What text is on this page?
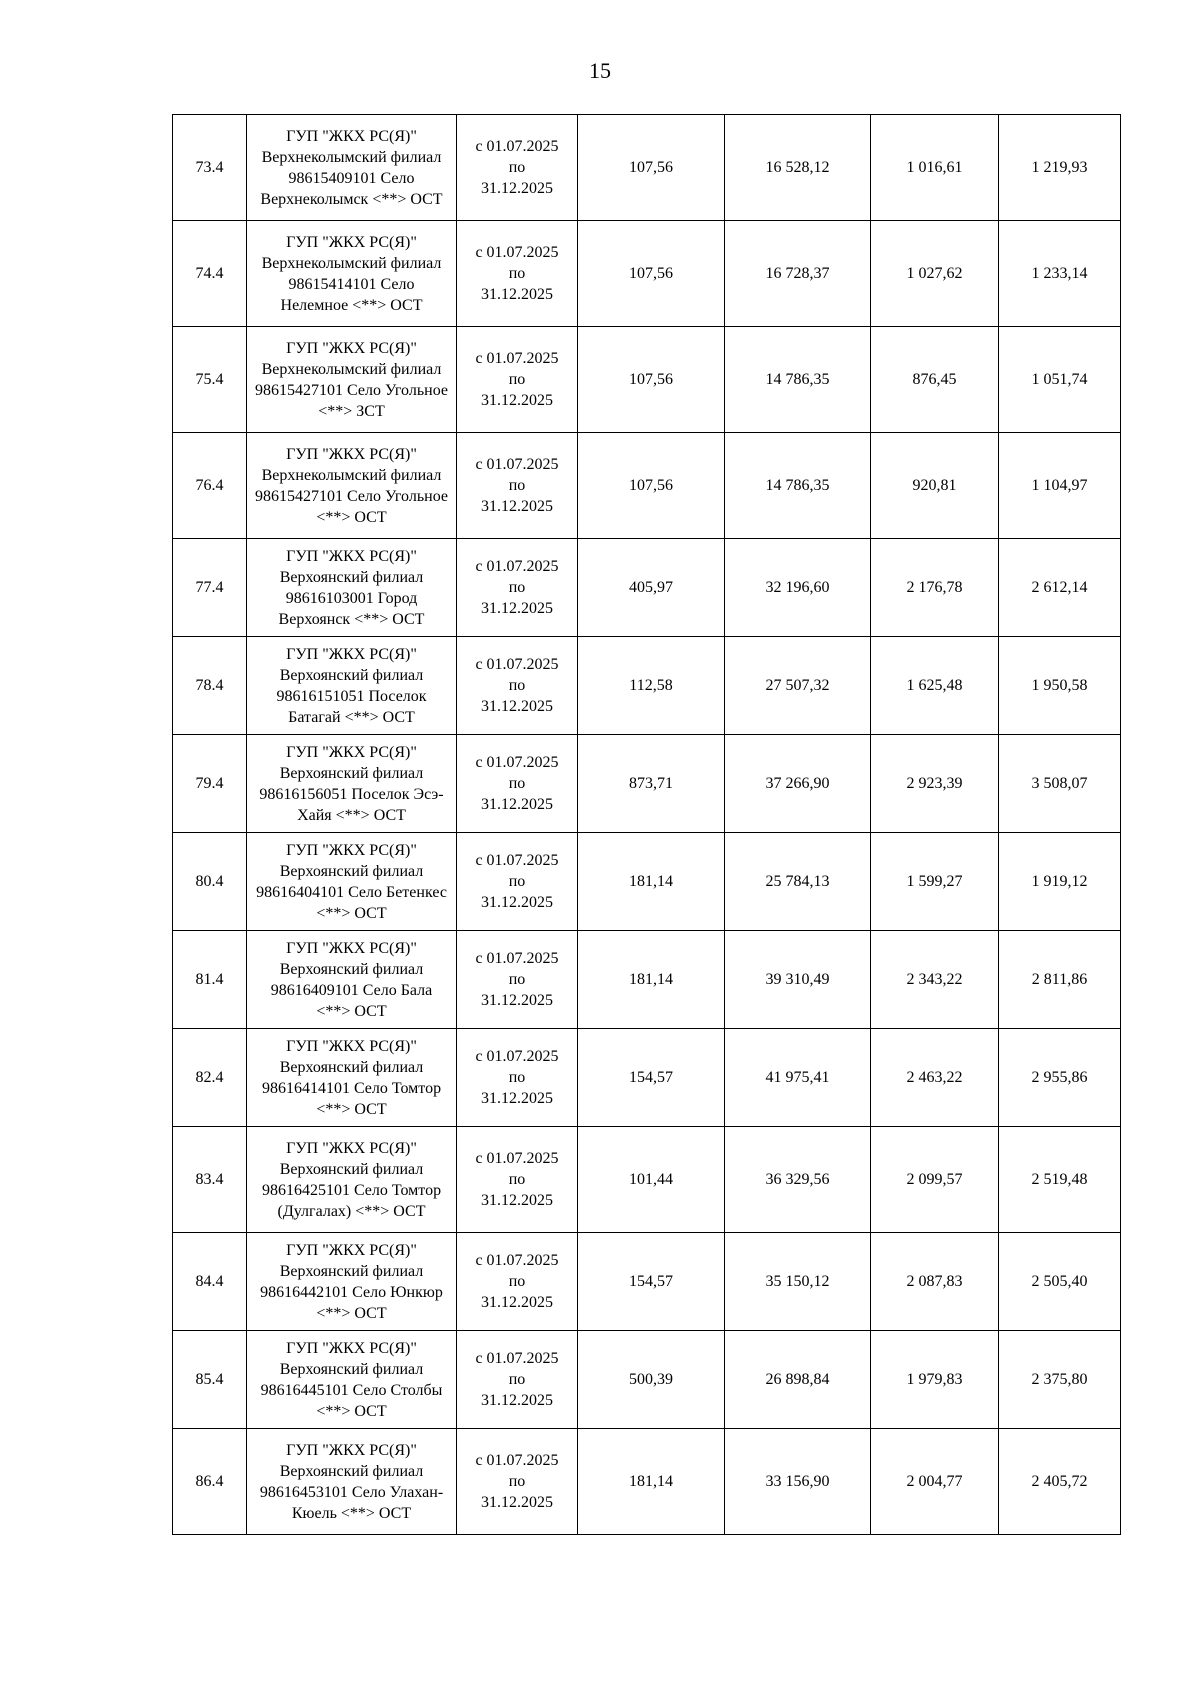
15
73.4	ГУП "ЖКХ РС(Я)" Верхнеколымский филиал 98615409101 Село Верхнеколымск <**> ОСТ	с 01.07.2025
по
31.12.2025	107,56	16 528,12	1 016,61	1 219,93
74.4	ГУП "ЖКХ РС(Я)" Верхнеколымский филиал 98615414101 Село Нелемное <**> ОСТ	с 01.07.2025
по
31.12.2025	107,56	16 728,37	1 027,62	1 233,14
75.4	ГУП "ЖКХ РС(Я)" Верхнеколымский филиал 98615427101 Село Угольное <**> ЗСТ	с 01.07.2025
по
31.12.2025	107,56	14 786,35	876,45	1 051,74
76.4	ГУП "ЖКХ РС(Я)" Верхнеколымский филиал 98615427101 Село Угольное <**> ОСТ	с 01.07.2025
по
31.12.2025	107,56	14 786,35	920,81	1 104,97
77.4	ГУП "ЖКХ РС(Я)" Верхоянский филиал 98616103001 Город Верхоянск <**> ОСТ	с 01.07.2025
по
31.12.2025	405,97	32 196,60	2 176,78	2 612,14
78.4	ГУП "ЖКХ РС(Я)" Верхоянский филиал 98616151051 Поселок Батагай <**> ОСТ	с 01.07.2025
по
31.12.2025	112,58	27 507,32	1 625,48	1 950,58
79.4	ГУП "ЖКХ РС(Я)" Верхоянский филиал 98616156051 Поселок Эсэ-Хайя <**> ОСТ	с 01.07.2025
по
31.12.2025	873,71	37 266,90	2 923,39	3 508,07
80.4	ГУП "ЖКХ РС(Я)" Верхоянский филиал 98616404101 Село Бетенкес <**> ОСТ	с 01.07.2025
по
31.12.2025	181,14	25 784,13	1 599,27	1 919,12
81.4	ГУП "ЖКХ РС(Я)" Верхоянский филиал 98616409101 Село Бала <**> ОСТ	с 01.07.2025
по
31.12.2025	181,14	39 310,49	2 343,22	2 811,86
82.4	ГУП "ЖКХ РС(Я)" Верхоянский филиал 98616414101 Село Томтор <**> ОСТ	с 01.07.2025
по
31.12.2025	154,57	41 975,41	2 463,22	2 955,86
83.4	ГУП "ЖКХ РС(Я)" Верхоянский филиал 98616425101 Село Томтор (Дулгалах) <**> ОСТ	с 01.07.2025
по
31.12.2025	101,44	36 329,56	2 099,57	2 519,48
84.4	ГУП "ЖКХ РС(Я)" Верхоянский филиал 98616442101 Село Юнкюр <**> ОСТ	с 01.07.2025
по
31.12.2025	154,57	35 150,12	2 087,83	2 505,40
85.4	ГУП "ЖКХ РС(Я)" Верхоянский филиал 98616445101 Село Столбы <**> ОСТ	с 01.07.2025
по
31.12.2025	500,39	26 898,84	1 979,83	2 375,80
86.4	ГУП "ЖКХ РС(Я)" Верхоянский филиал 98616453101 Село Улахан-Кюель <**> ОСТ	с 01.07.2025
по
31.12.2025	181,14	33 156,90	2 004,77	2 405,72
